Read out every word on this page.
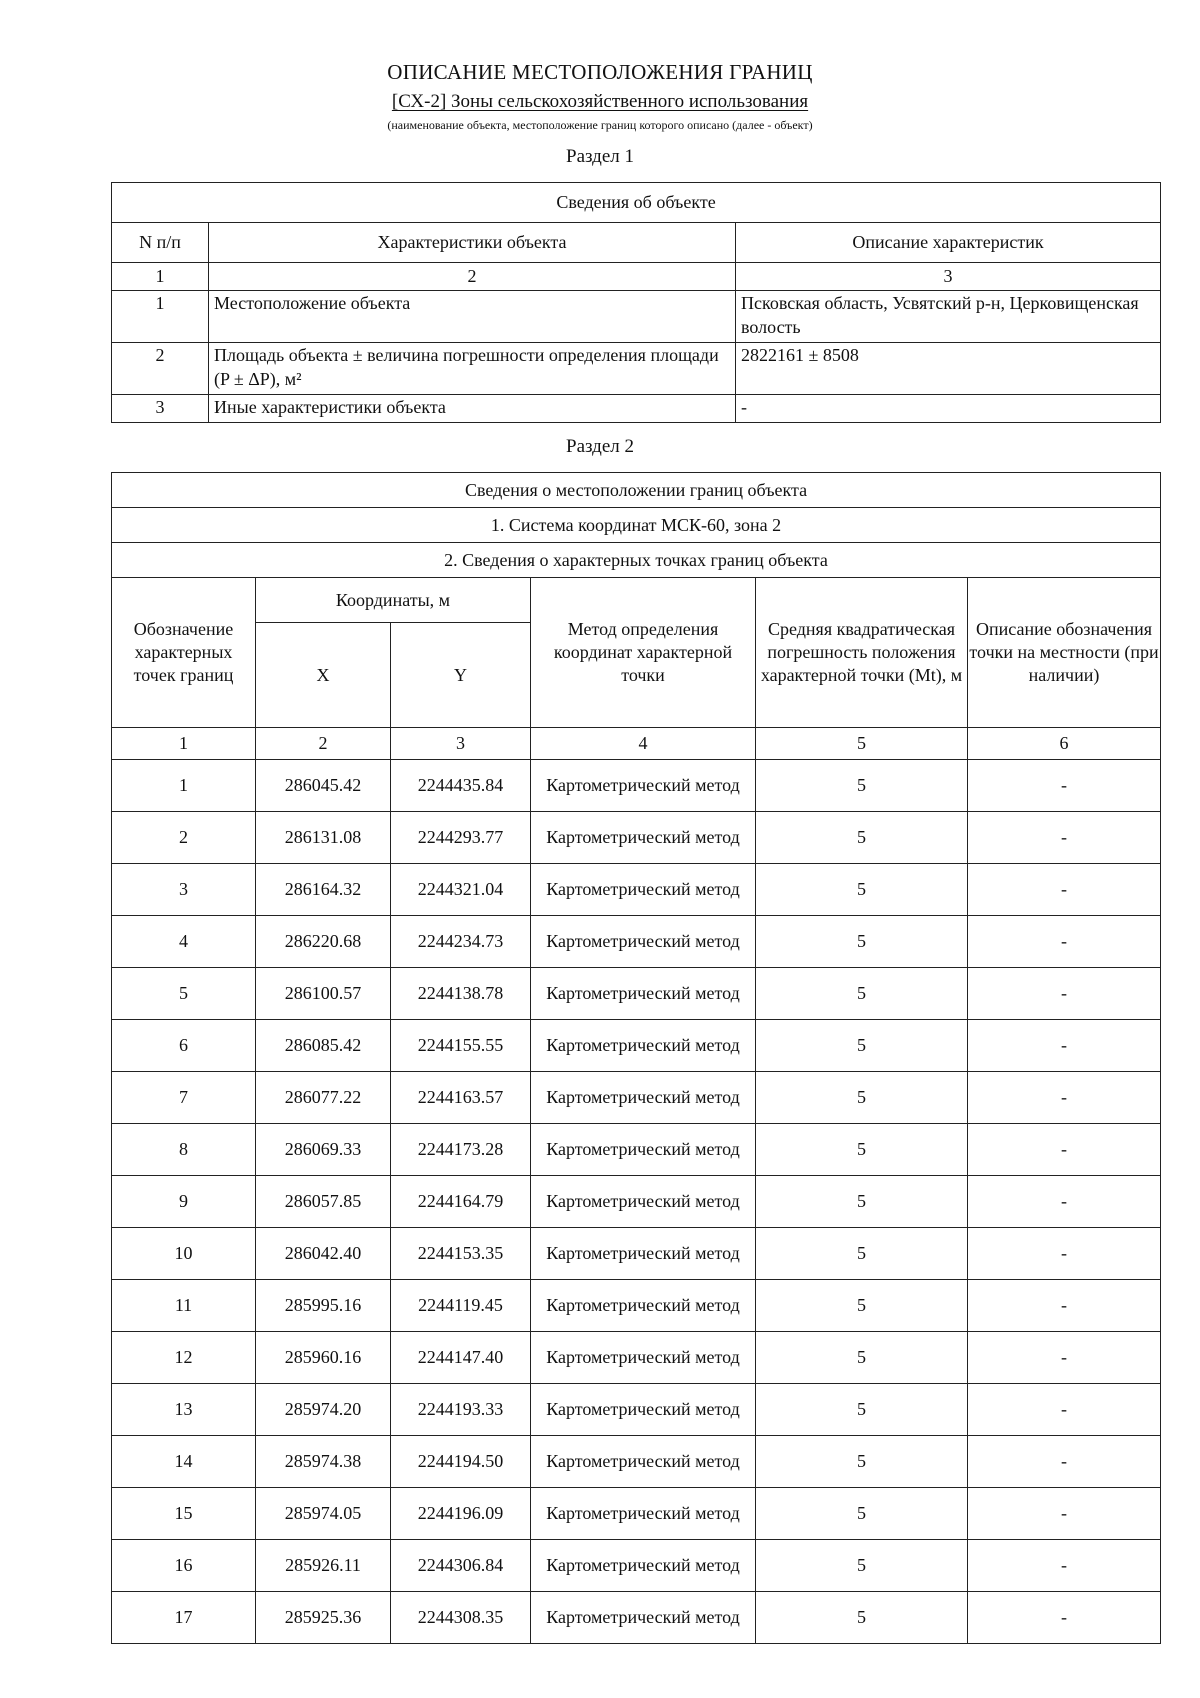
ОПИСАНИЕ МЕСТОПОЛОЖЕНИЯ ГРАНИЦ
[СХ-2] Зоны сельскохозяйственного использования
(наименование объекта, местоположение границ которого описано (далее - объект)
Раздел 1
Сведения об объекте		
N п/п	Характеристики объекта	Описание характеристик
1	2	3
1	Местоположение объекта	Псковская область, Усвятский р-н, Церковищенская волость
2	Площадь объекта ± величина погрешности определения площади (P ± ΔP), м²	2822161 ± 8508
3	Иные характеристики объекта	-
Раздел 2
Сведения о местоположении границ объекта					
1. Система координат МСК-60, зона 2					
2. Сведения о характерных точках границ объекта					
Обозначение характерных точек границ	Координаты, м		Метод определения координат характерной точки	Средняя квадратическая погрешность положения характерной точки (Mt), м	Описание обозначения точки на местности (при наличии)
	X	Y			
1	2	3	4	5	6
1	286045.42	2244435.84	Картометрический метод	5	-
2	286131.08	2244293.77	Картометрический метод	5	-
3	286164.32	2244321.04	Картометрический метод	5	-
4	286220.68	2244234.73	Картометрический метод	5	-
5	286100.57	2244138.78	Картометрический метод	5	-
6	286085.42	2244155.55	Картометрический метод	5	-
7	286077.22	2244163.57	Картометрический метод	5	-
8	286069.33	2244173.28	Картометрический метод	5	-
9	286057.85	2244164.79	Картометрический метод	5	-
10	286042.40	2244153.35	Картометрический метод	5	-
11	285995.16	2244119.45	Картометрический метод	5	-
12	285960.16	2244147.40	Картометрический метод	5	-
13	285974.20	2244193.33	Картометрический метод	5	-
14	285974.38	2244194.50	Картометрический метод	5	-
15	285974.05	2244196.09	Картометрический метод	5	-
16	285926.11	2244306.84	Картометрический метод	5	-
17	285925.36	2244308.35	Картометрический метод	5	-
